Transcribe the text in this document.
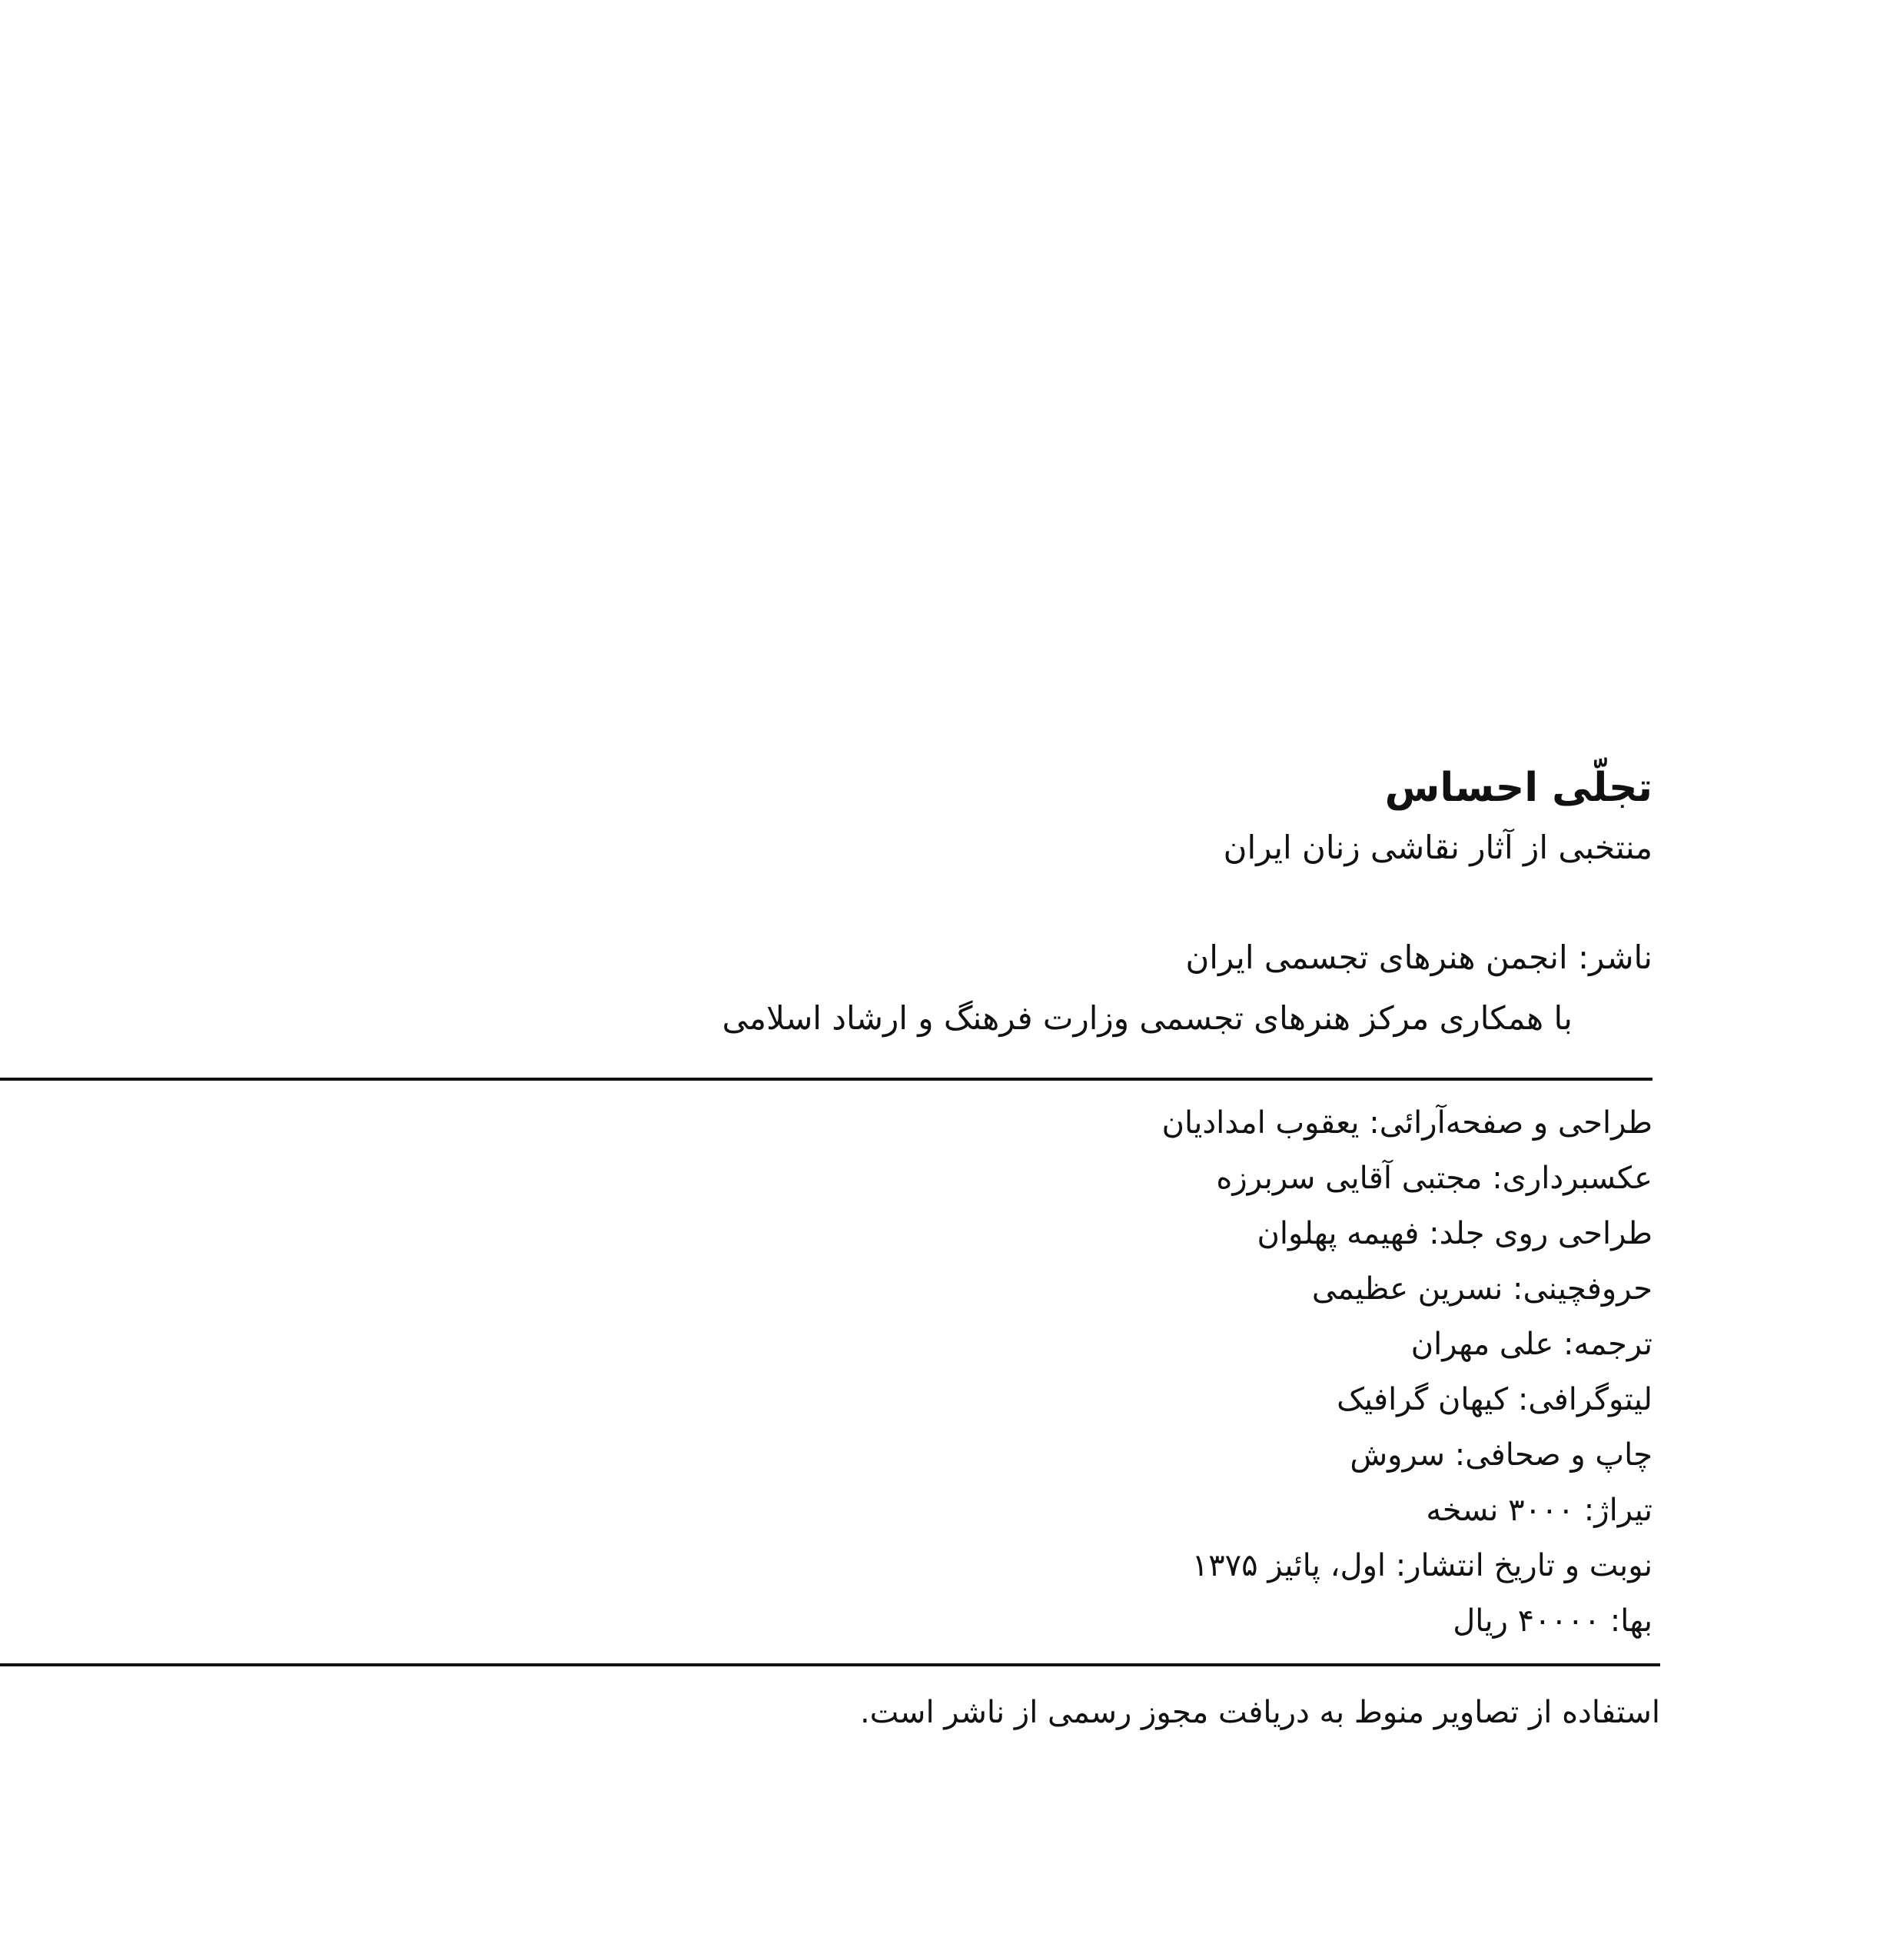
تجلّی احساس
منتخبی از آثار نقاشی زنان ایران
ناشر: انجمن هنرهای تجسمی ایران
با همکاری مرکز هنرهای تجسمی وزارت فرهنگ و ارشاد اسلامی
طراحی و صفحه‌آرائی: یعقوب امدادیان
عکسبرداری: مجتبی آقایی سربرزه
طراحی روی جلد: فهیمه پهلوان
حروفچینی: نسرین عظیمی
ترجمه: علی مهران
لیتوگرافی: کیهان گرافیک
چاپ و صحافی: سروش
تیراژ: ۳۰۰۰ نسخه
نوبت و تاریخ انتشار: اول، پائیز ۱۳۷۵
بها: ۴۰۰۰۰ ریال
استفاده از تصاویر منوط به دریافت مجوز رسمی از ناشر است.
